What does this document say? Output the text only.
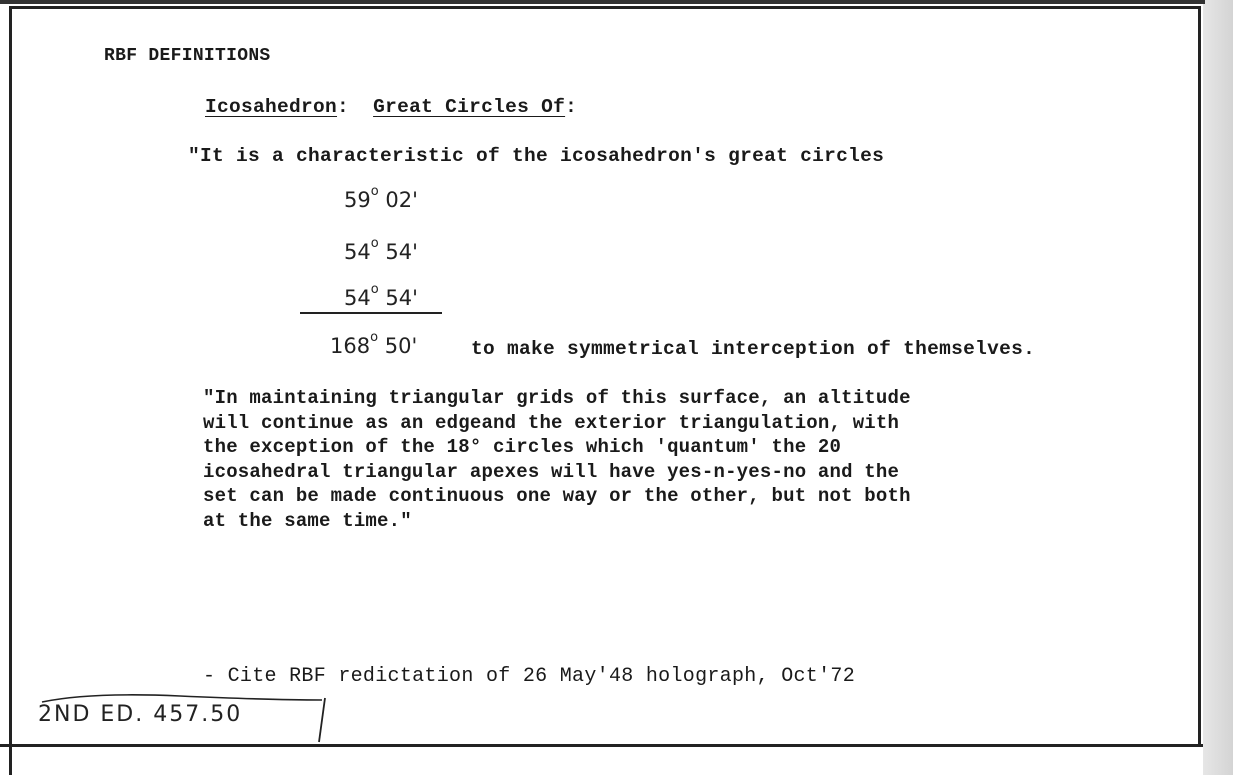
RBF DEFINITIONS
Icosahedron: Great Circles Of:
"It is a characteristic of the icosahedron's great circles
59$^o$ 02'
54$^o$ 54'
54$^o$ 54'
168$^o$ 50'	to make symmetrical interception of themselves.
"In maintaining triangular grids of this surface, an altitude
will continue as an edgeand the exterior triangulation, with
the exception of the 18° circles which 'quantum' the 20
icosahedral triangular apexes will have yes-n-yes-no and the
set can be made continuous one way or the other, but not both
at the same time."
- Cite RBF redictation of 26 May'48 holograph, Oct'72
2ND ED. 457.50
